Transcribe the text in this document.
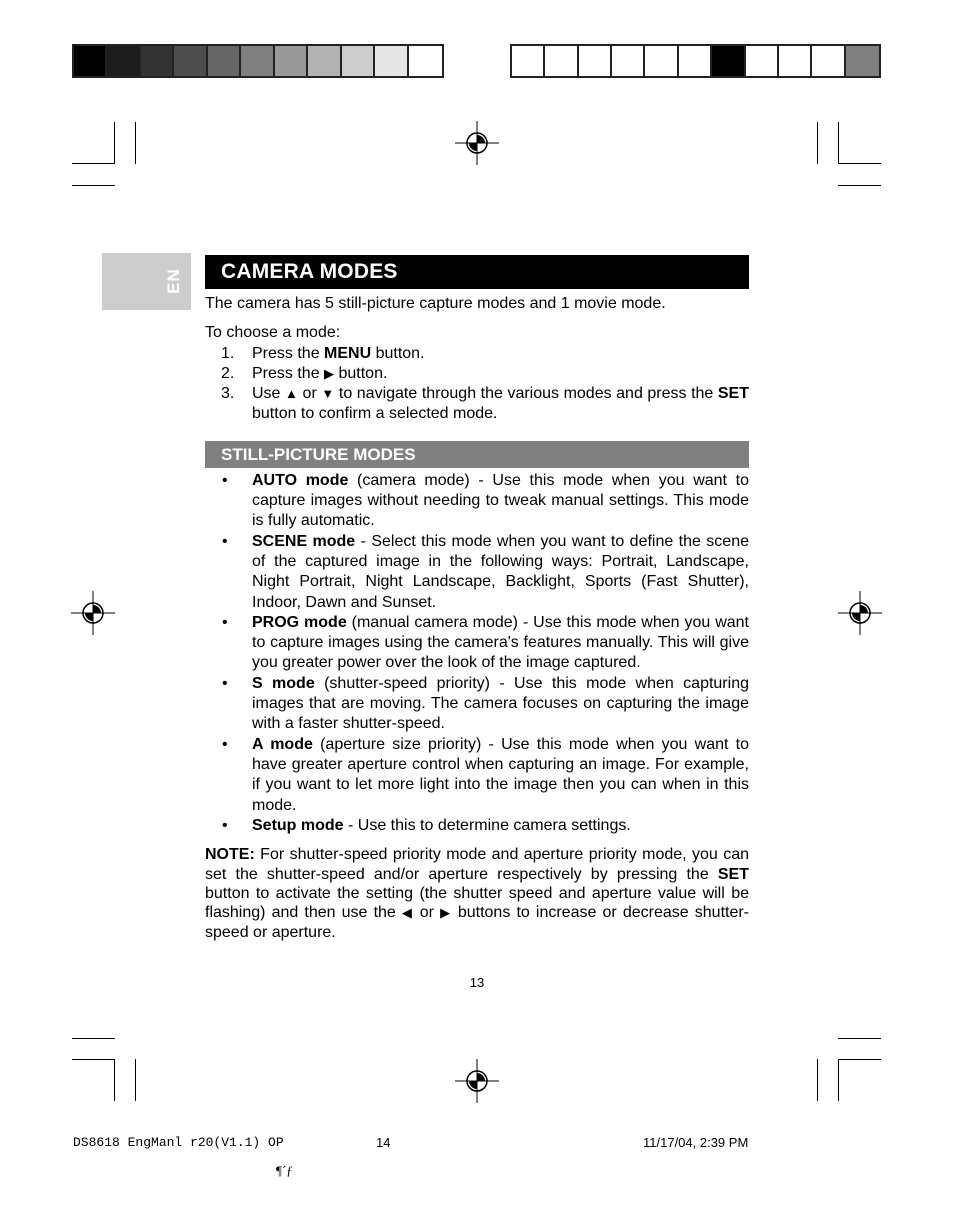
EN	CAMERA MODES
The camera has 5 still-picture capture modes and 1 movie mode.
To choose a mode:
1. Press the MENU button.
2. Press the ▶ button.
3. Use ▲ or ▼ to navigate through the various modes and press the SET button to confirm a selected mode.
STILL-PICTURE MODES
• AUTO mode (camera mode) - Use this mode when you want to capture images without needing to tweak manual settings. This mode is fully automatic.
• SCENE mode - Select this mode when you want to define the scene of the captured image in the following ways: Portrait, Landscape, Night Portrait, Night Landscape, Backlight, Sports (Fast Shutter), Indoor, Dawn and Sunset.
• PROG mode (manual camera mode) - Use this mode when you want to capture images using the camera's features manually. This will give you greater power over the look of the image captured.
• S mode (shutter-speed priority) - Use this mode when capturing images that are moving. The camera focuses on capturing the image with a faster shutter-speed.
• A mode (aperture size priority) - Use this mode when you want to have greater aperture control when capturing an image. For example, if you want to let more light into the image then you can when in this mode.
• Setup mode - Use this to determine camera settings.
NOTE: For shutter-speed priority mode and aperture priority mode, you can set the shutter-speed and/or aperture respectively by pressing the SET button to activate the setting (the shutter speed and aperture value will be flashing) and then use the ◀ or ▶ buttons to increase or decrease shutter-speed or aperture.
13
DS8618 EngManl r20(V1.1) OP	14	11/17/04, 2:39 PM
¶´ƒ
